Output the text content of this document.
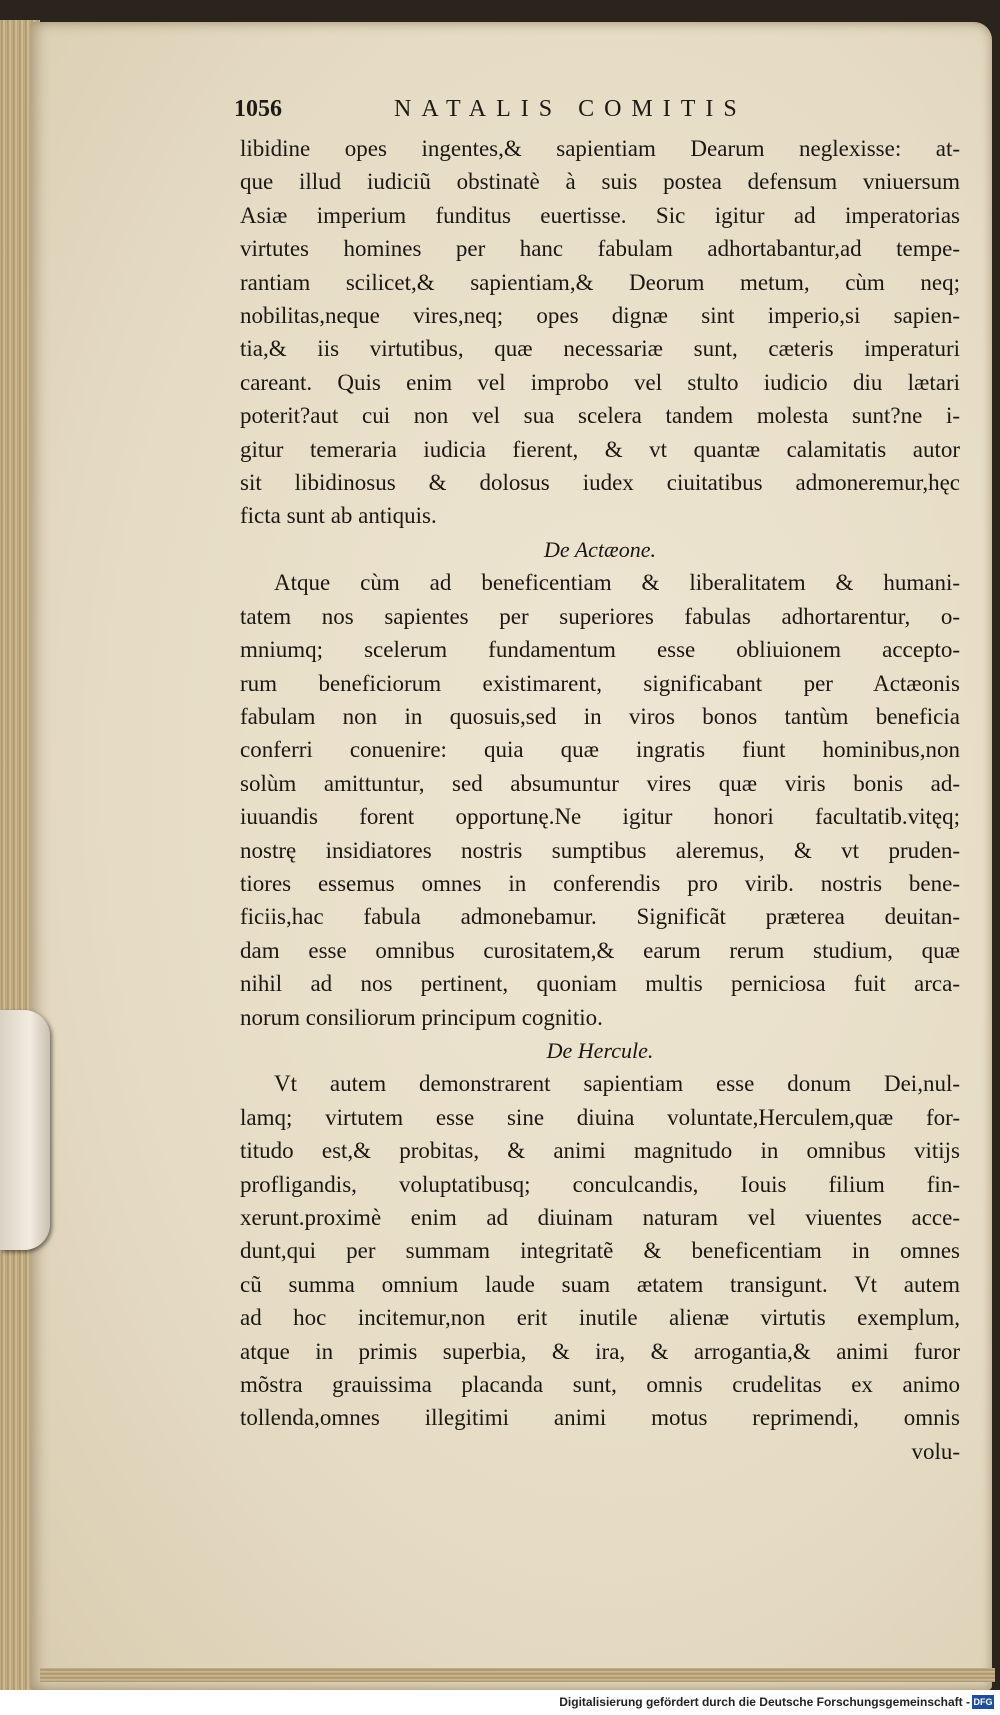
1056	NATALIS COMITIS
libidine opes ingentes,& sapientiam Dearum neglexisse: at-
que illud iudiciũ obstinatè à suis postea defensum vniuersum
Asiæ imperium funditus euertisse. Sic igitur ad imperatorias
virtutes homines per hanc fabulam adhortabantur,ad tempe-
rantiam scilicet,& sapientiam,& Deorum metum, cùm neq;
nobilitas,neque vires,neq; opes dignæ sint imperio,si sapien-
tia,& iis virtutibus, quæ necessariæ sunt, cæteris imperaturi
careant. Quis enim vel improbo vel stulto iudicio diu lætari
poterit?aut cui non vel sua scelera tandem molesta sunt?ne i-
gitur temeraria iudicia fierent, & vt quantæ calamitatis autor
sit libidinosus & dolosus iudex ciuitatibus admoneremur,hęc
ficta sunt ab antiquis.
De Actæone.
Atque cùm ad beneficentiam & liberalitatem & humani-
tatem nos sapientes per superiores fabulas adhortarentur, o-
mniumq; scelerum fundamentum esse obliuionem accepto-
rum beneficiorum existimarent, significabant per Actæonis
fabulam non in quosuis,sed in viros bonos tantùm beneficia
conferri conuenire: quia quæ ingratis fiunt hominibus,non
solùm amittuntur, sed absumuntur vires quæ viris bonis ad-
iuuandis forent opportunę.Ne igitur honori facultatib.vitęq;
nostrę insidiatores nostris sumptibus aleremus, & vt pruden-
tiores essemus omnes in conferendis pro virib. nostris bene-
ficiis,hac fabula admonebamur. Significãt præterea deuitan-
dam esse omnibus curositatem,& earum rerum studium, quæ
nihil ad nos pertinent, quoniam multis perniciosa fuit arca-
norum consiliorum principum cognitio.
De Hercule.
Vt autem demonstrarent sapientiam esse donum Dei,nul-
lamq; virtutem esse sine diuina voluntate,Herculem,quæ for-
titudo est,& probitas, & animi magnitudo in omnibus vitijs
profligandis, voluptatibusq; conculcandis, Iouis filium fin-
xerunt.proximè enim ad diuinam naturam vel viuentes acce-
dunt,qui per summam integritatẽ & beneficentiam in omnes
cũ summa omnium laude suam ætatem transigunt. Vt autem
ad hoc incitemur,non erit inutile alienæ virtutis exemplum,
atque in primis superbia, & ira, & arrogantia,& animi furor
mõstra grauissima placanda sunt, omnis crudelitas ex animo
tollenda,omnes illegitimi animi motus reprimendi, omnis
volu-
Digitalisierung gefördert durch die Deutsche Forschungsgemeinschaft - DFG
